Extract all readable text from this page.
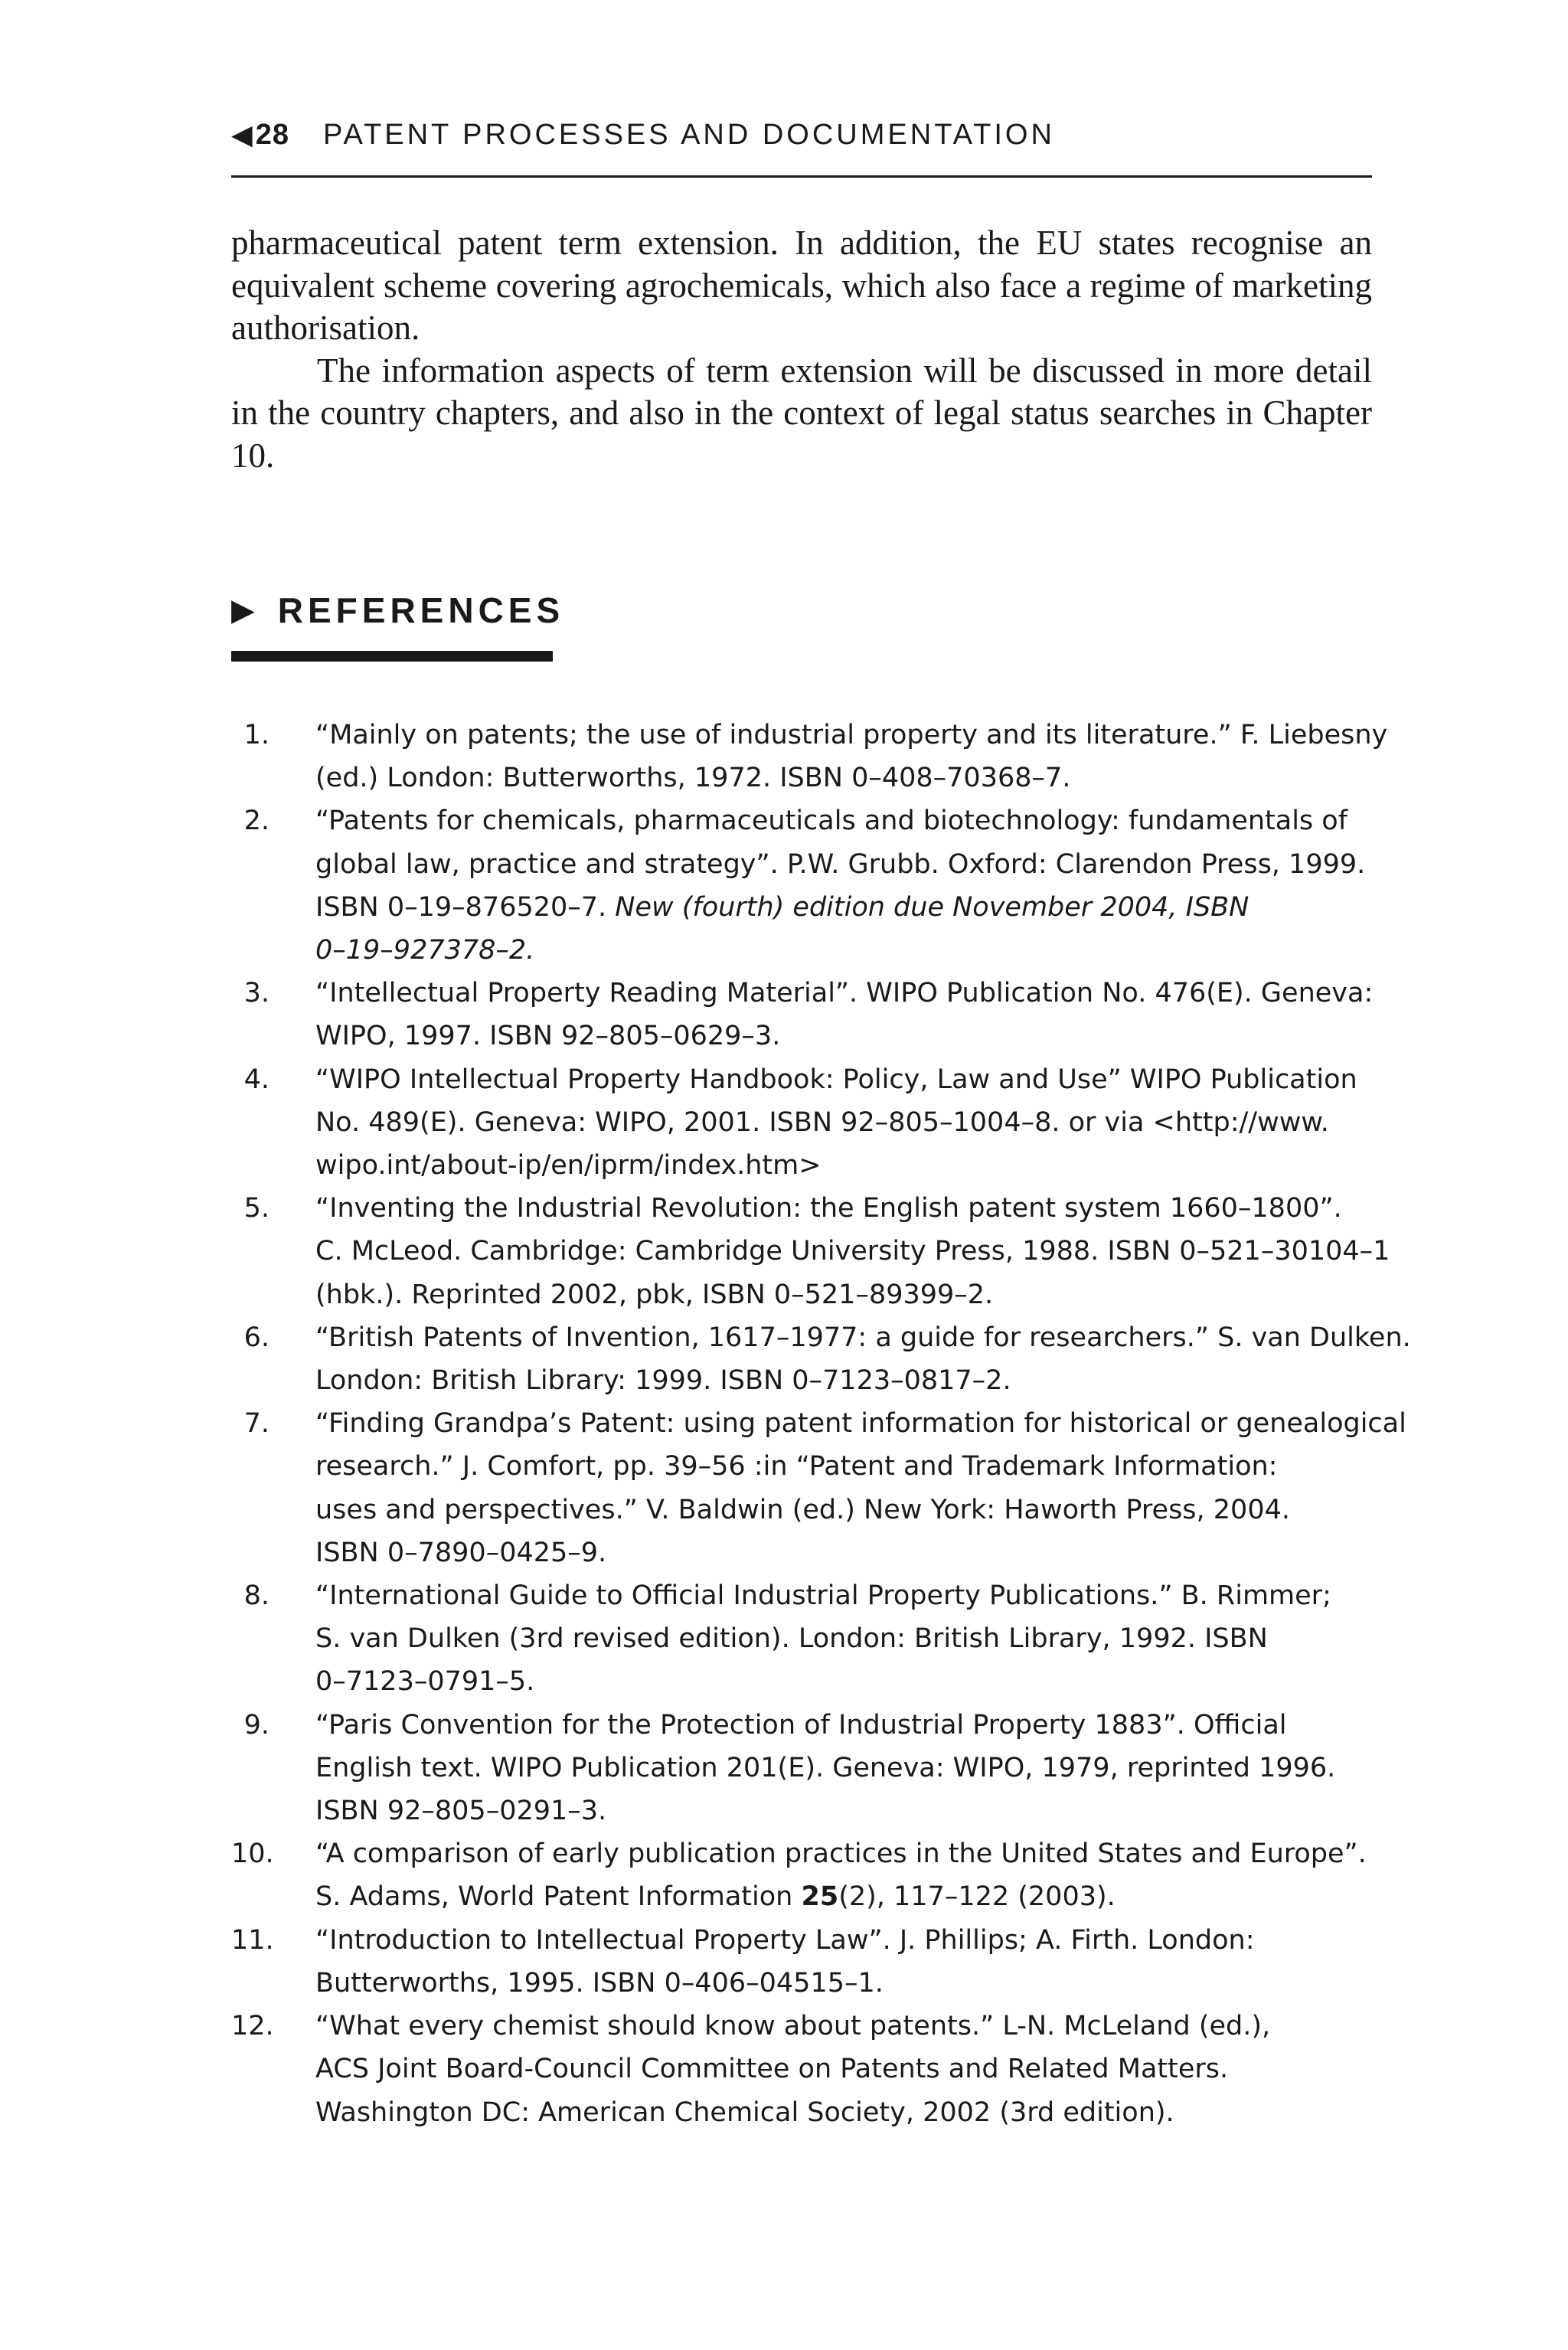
◀ 28 PATENT PROCESSES AND DOCUMENTATION

pharmaceutical patent term extension. In addition, the EU states recognise an equivalent scheme covering agrochemicals, which also face a regime of marketing authorisation.

The information aspects of term extension will be discussed in more detail in the country chapters, and also in the context of legal status searches in Chapter 10.

▶ REFERENCES
1. “Mainly on patents; the use of industrial property and its literature.” F. Liebesny
(ed.) London: Butterworths, 1972. ISBN 0–408–70368–7.
2. “Patents for chemicals, pharmaceuticals and biotechnology: fundamentals of
global law, practice and strategy”. P.W. Grubb. Oxford: Clarendon Press, 1999.
ISBN 0–19–876520–7. New (fourth) edition due November 2004, ISBN
0–19–927378–2.
3. “Intellectual Property Reading Material”. WIPO Publication No. 476(E). Geneva:
WIPO, 1997. ISBN 92–805–0629–3.
4. “WIPO Intellectual Property Handbook: Policy, Law and Use” WIPO Publication
No. 489(E). Geneva: WIPO, 2001. ISBN 92–805–1004–8. or via <http://www.
wipo.int/about-ip/en/iprm/index.htm>
5. “Inventing the Industrial Revolution: the English patent system 1660–1800”.
C. McLeod. Cambridge: Cambridge University Press, 1988. ISBN 0–521–30104–1
(hbk.). Reprinted 2002, pbk, ISBN 0–521–89399–2.
6. “British Patents of Invention, 1617–1977: a guide for researchers.” S. van Dulken.
London: British Library: 1999. ISBN 0–7123–0817–2.
7. “Finding Grandpa’s Patent: using patent information for historical or genealogical
research.” J. Comfort, pp. 39–56 :in “Patent and Trademark Information:
uses and perspectives.” V. Baldwin (ed.) New York: Haworth Press, 2004.
ISBN 0–7890–0425–9.
8. “International Guide to Official Industrial Property Publications.” B. Rimmer;
S. van Dulken (3rd revised edition). London: British Library, 1992. ISBN
0–7123–0791–5.
9. “Paris Convention for the Protection of Industrial Property 1883”. Official
English text. WIPO Publication 201(E). Geneva: WIPO, 1979, reprinted 1996.
ISBN 92–805–0291–3.
10. “A comparison of early publication practices in the United States and Europe”.
S. Adams, World Patent Information 25(2), 117–122 (2003).
11. “Introduction to Intellectual Property Law”. J. Phillips; A. Firth. London:
Butterworths, 1995. ISBN 0–406–04515–1.
12. “What every chemist should know about patents.” L-N. McLeland (ed.),
ACS Joint Board-Council Committee on Patents and Related Matters.
Washington DC: American Chemical Society, 2002 (3rd edition).
